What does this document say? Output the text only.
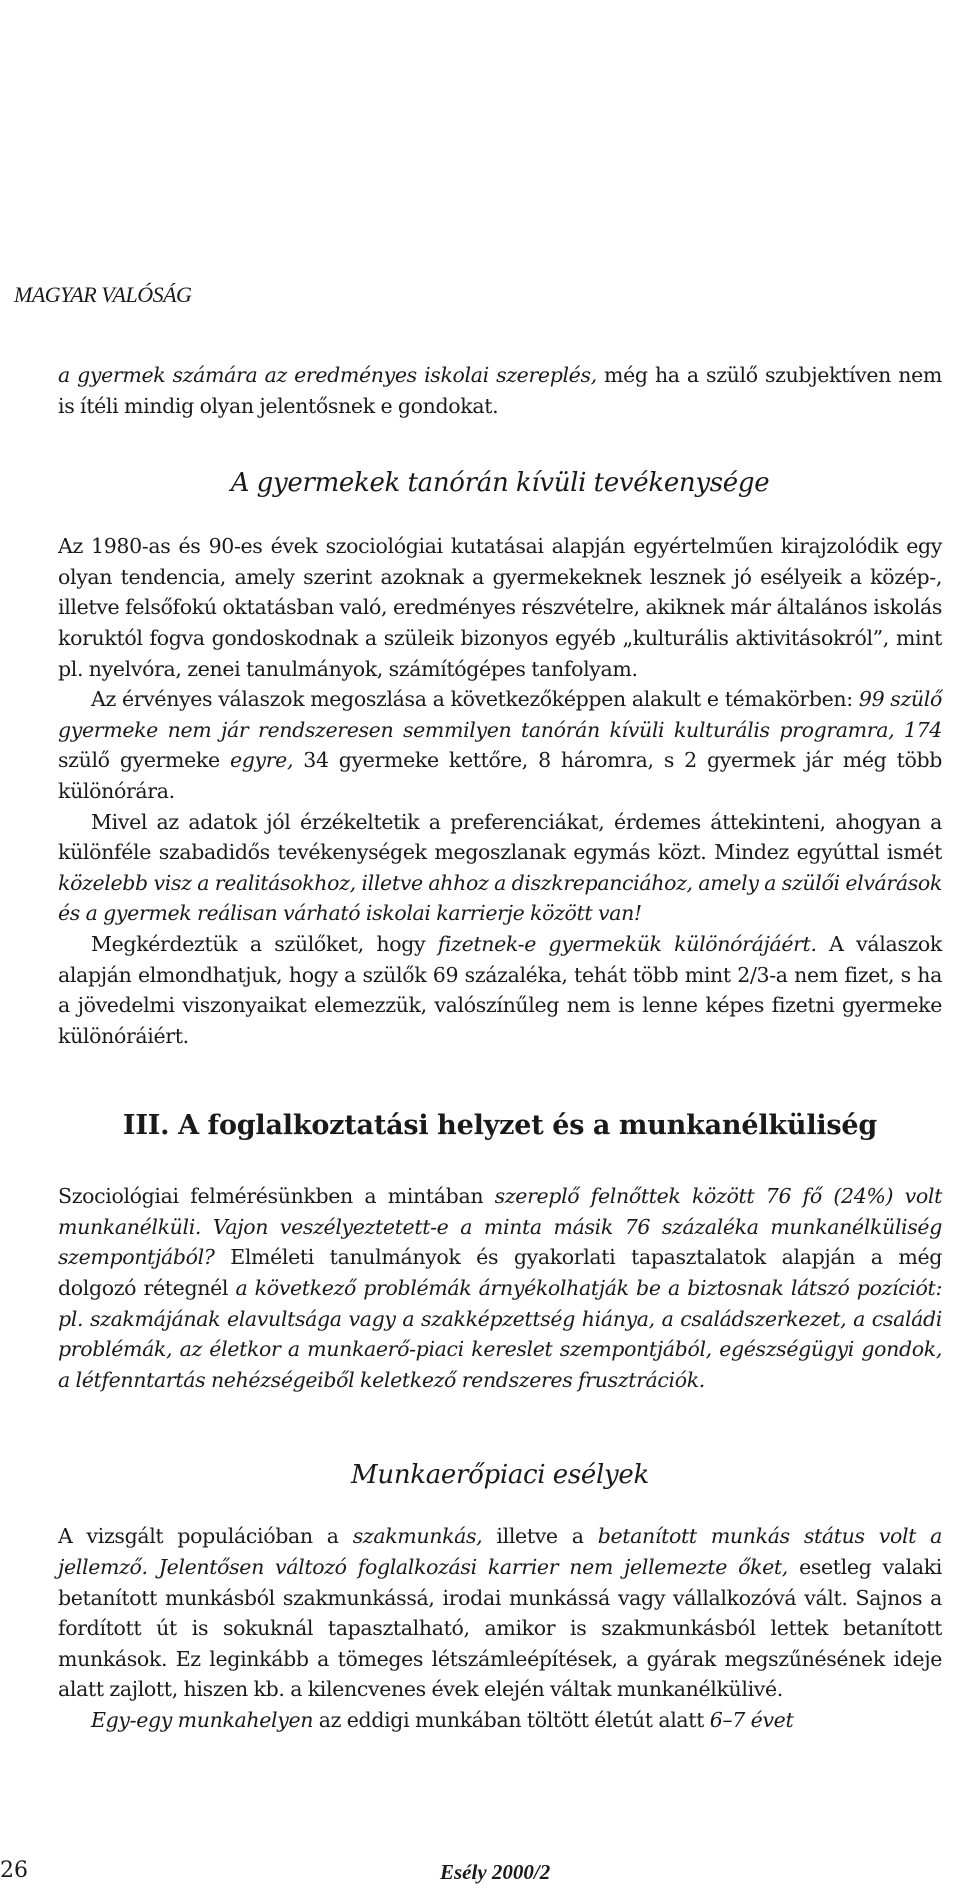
MAGYAR VALÓSÁG

a gyermek számára az eredményes iskolai szereplés, még ha a szülő szubjektíven nem is ítéli mindig olyan jelentősnek e gondokat.

A gyermekek tanórán kívüli tevékenysége

Az 1980-as és 90-es évek szociológiai kutatásai alapján egyértelműen kirajzolódik egy olyan tendencia, amely szerint azoknak a gyermekeknek lesznek jó esélyeik a közép-, illetve felsőfokú oktatásban való, eredményes részvételre, akiknek már általános iskolás koruktól fogva gondoskodnak a szüleik bizonyos egyéb „kulturális aktivitásokról”, mint pl. nyelvóra, zenei tanulmányok, számítógépes tanfolyam.

Az érvényes válaszok megoszlása a következőképpen alakult e témakörben: 99 szülő gyermeke nem jár rendszeresen semmilyen tanórán kívüli kulturális programra, 174 szülő gyermeke egyre, 34 gyermeke kettőre, 8 háromra, s 2 gyermek jár még több különórára.

Mivel az adatok jól érzékeltetik a preferenciákat, érdemes áttekinteni, ahogyan a különféle szabadidős tevékenységek megoszlanak egymás közt. Mindez egyúttal ismét közelebb visz a realitásokhoz, illetve ahhoz a diszkrepanciához, amely a szülői elvárások és a gyermek reálisan várható iskolai karrierje között van!

Megkérdeztük a szülőket, hogy fizetnek-e gyermekük különórájáért. A válaszok alapján elmondhatjuk, hogy a szülők 69 százaléka, tehát több mint 2/3-a nem fizet, s ha a jövedelmi viszonyaikat elemezzük, valószínűleg nem is lenne képes fizetni gyermeke különóráiért.

III. A foglalkoztatási helyzet és a munkanélküliség

Szociológiai felmérésünkben a mintában szereplő felnőttek között 76 fő (24%) volt munkanélküli. Vajon veszélyeztetett-e a minta másik 76 százaléka munkanélküliség szempontjából? Elméleti tanulmányok és gyakorlati tapasztalatok alapján a még dolgozó rétegnél a következő problémák árnyékolhatják be a biztosnak látszó pozíciót: pl. szakmájának elavultsága vagy a szakképzettség hiánya, a családszerkezet, a családi problémák, az életkor a munkaerő-piaci kereslet szempontjából, egészségügyi gondok, a létfenntartás nehézségeiből keletkező rendszeres frusztrációk.

Munkaerőpiaci esélyek

A vizsgált populációban a szakmunkás, illetve a betanított munkás státus volt a jellemző. Jelentősen változó foglalkozási karrier nem jellemezte őket, esetleg valaki betanított munkásból szakmunkássá, irodai munkássá vagy vállalkozóvá vált. Sajnos a fordított út is sokuknál tapasztalható, amikor is szakmunkásból lettek betanított munkások. Ez leginkább a tömeges létszámleépítések, a gyárak megszűnésének ideje alatt zajlott, hiszen kb. a kilencvenes évek elején váltak munkanélkülivé.

Egy-egy munkahelyen az eddigi munkában töltött életút alatt 6–7 évet

26	Esély 2000/2
